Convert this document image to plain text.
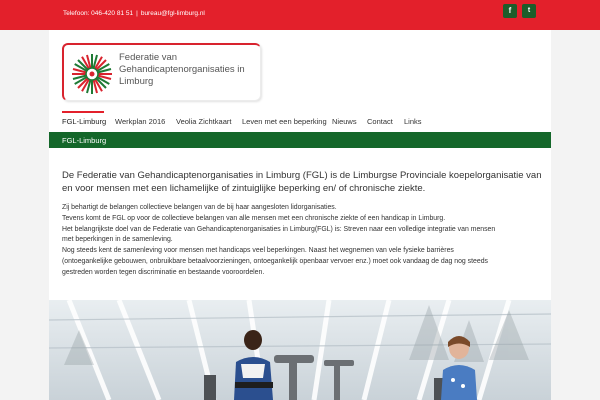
Telefoon: 046-420 81 51 | bureau@fgl-limburg.nl	f	t
Federatie van
Gehandicaptenorganisaties in
Limburg
FGL-Limburg Werkplan 2016 Veolia Zichtkaart Leven met een beperking Nieuws Contact Links
FGL-Limburg
De Federatie van Gehandicaptenorganisaties in Limburg (FGL) is de Limburgse Provinciale koepelorganisatie van
en voor mensen met een lichamelijke of zintuiglijke beperking en/ of chronische ziekte.
Zij behartigt de belangen collectieve belangen van de bij haar aangesloten lidorganisaties.
Tevens komt de FGL op voor de collectieve belangen van alle mensen met een chronische ziekte of een handicap in Limburg.
Het belangrijkste doel van de Federatie van Gehandicaptenorganisaties in Limburg(FGL) is: Streven naar een volledige integratie van mensen
met beperkingen in de samenleving.
Nog steeds kent de samenleving voor mensen met handicaps veel beperkingen. Naast het wegnemen van vele fysieke barrières
(ontoegankelijke gebouwen, onbruikbare betaalvoorzieningen, ontoegankelijk openbaar vervoer enz.) moet ook vandaag de dag nog steeds
gestreden worden tegen discriminatie en bestaande vooroordelen.
